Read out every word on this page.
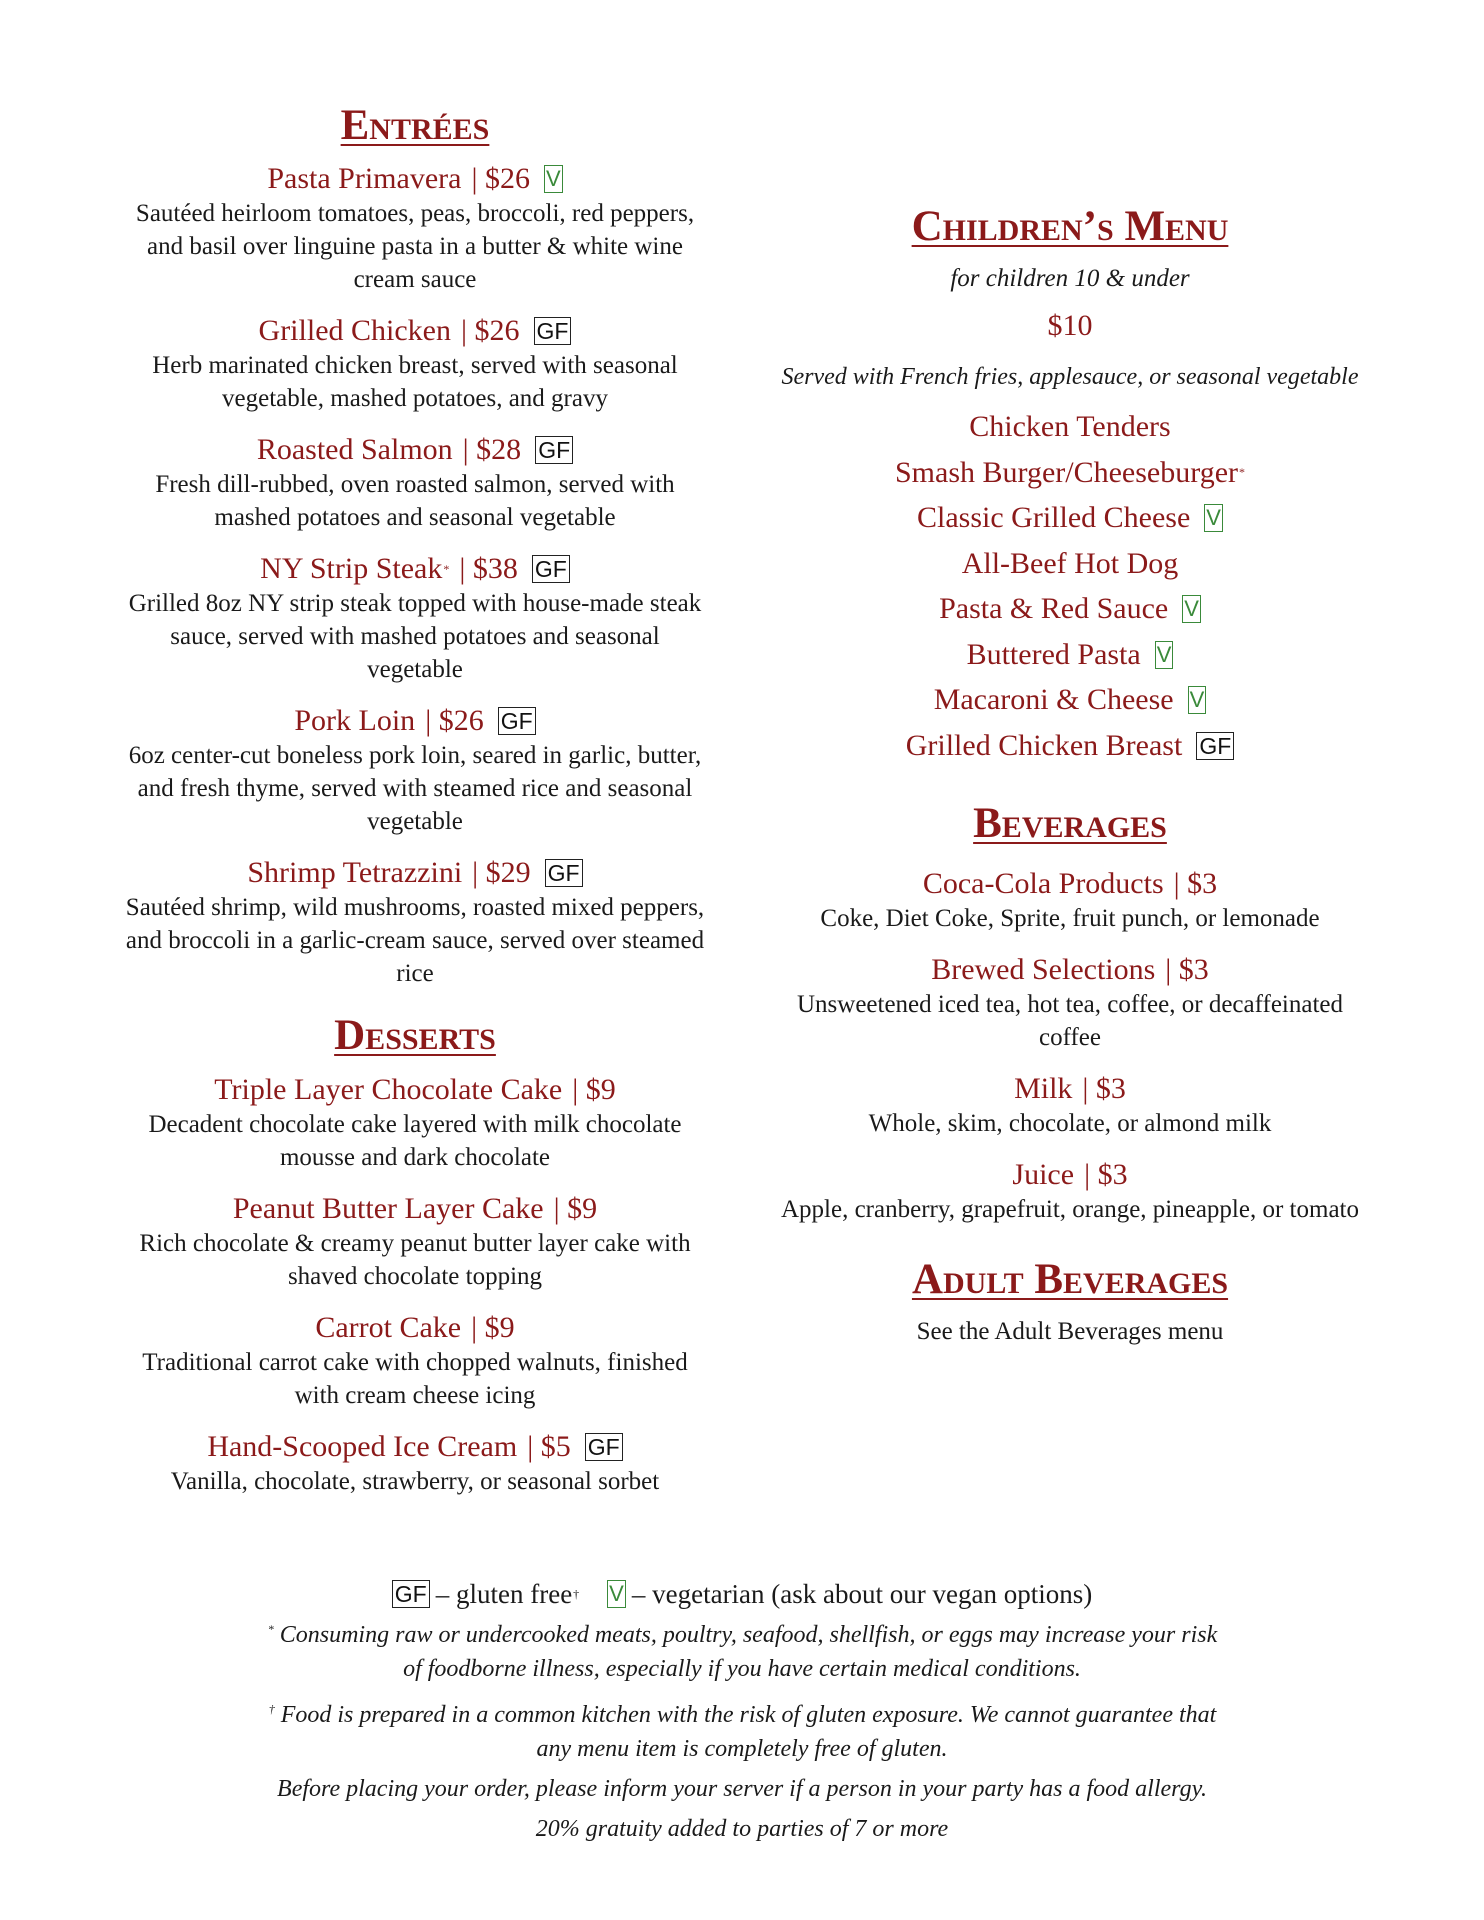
Entrées
Pasta Primavera | $26 V
Sautéed heirloom tomatoes, peas, broccoli, red peppers, and basil over linguine pasta in a butter & white wine cream sauce
Grilled Chicken | $26 GF
Herb marinated chicken breast, served with seasonal vegetable, mashed potatoes, and gravy
Roasted Salmon | $28 GF
Fresh dill-rubbed, oven roasted salmon, served with mashed potatoes and seasonal vegetable
NY Strip Steak * | $38 GF
Grilled 8oz NY strip steak topped with house-made steak sauce, served with mashed potatoes and seasonal vegetable
Pork Loin | $26 GF
6oz center-cut boneless pork loin, seared in garlic, butter, and fresh thyme, served with steamed rice and seasonal vegetable
Shrimp Tetrazzini | $29 GF
Sautéed shrimp, wild mushrooms, roasted mixed peppers, and broccoli in a garlic-cream sauce, served over steamed rice
Desserts
Triple Layer Chocolate Cake | $9
Decadent chocolate cake layered with milk chocolate mousse and dark chocolate
Peanut Butter Layer Cake | $9
Rich chocolate & creamy peanut butter layer cake with shaved chocolate topping
Carrot Cake | $9
Traditional carrot cake with chopped walnuts, finished with cream cheese icing
Hand-Scooped Ice Cream | $5 GF
Vanilla, chocolate, strawberry, or seasonal sorbet
Children’s Menu
for children 10 & under
$10
Served with French fries, applesauce, or seasonal vegetable
Chicken Tenders
Smash Burger/Cheeseburger *
Classic Grilled Cheese V
All-Beef Hot Dog
Pasta & Red Sauce V
Buttered Pasta V
Macaroni & Cheese V
Grilled Chicken Breast GF
Beverages
Coca-Cola Products | $3
Coke, Diet Coke, Sprite, fruit punch, or lemonade
Brewed Selections | $3
Unsweetened iced tea, hot tea, coffee, or decaffeinated coffee
Milk | $3
Whole, skim, chocolate, or almond milk
Juice | $3
Apple, cranberry, grapefruit, orange, pineapple, or tomato
Adult Beverages
See the Adult Beverages menu
GF – gluten free † V – vegetarian (ask about our vegan options)
* Consuming raw or undercooked meats, poultry, seafood, shellfish, or eggs may increase your risk of foodborne illness, especially if you have certain medical conditions.
† Food is prepared in a common kitchen with the risk of gluten exposure. We cannot guarantee that any menu item is completely free of gluten.
Before placing your order, please inform your server if a person in your party has a food allergy.
20% gratuity added to parties of 7 or more
